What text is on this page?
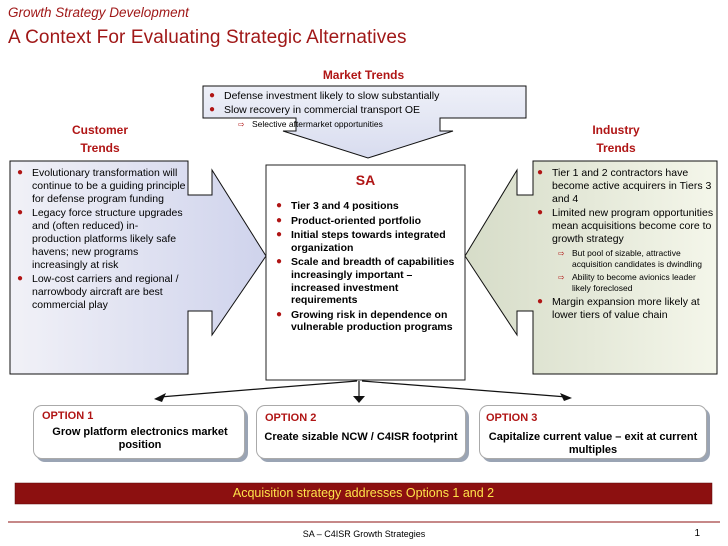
Growth Strategy Development
A Context For Evaluating Strategic Alternatives
Market Trends
● Defense investment likely to slow substantially
● Slow recovery in commercial transport OE
⇨ Selective aftermarket opportunities
Customer
Trends
● Evolutionary transformation will continue to be a guiding principle for defense program funding
● Legacy force structure upgrades and (often reduced) in-production platforms likely safe havens; new programs increasingly at risk
● Low-cost carriers and regional / narrowbody aircraft are best commercial play
Industry
Trends
● Tier 1 and 2 contractors have become active acquirers in Tiers 3 and 4
● Limited new program opportunities mean acquisitions become core to growth strategy
⇨ But pool of sizable, attractive acquisition candidates is dwindling
⇨ Ability to become avionics leader likely foreclosed
● Margin expansion more likely at lower tiers of value chain
SA
● Tier 3 and 4 positions
● Product-oriented portfolio
● Initial steps towards integrated organization
● Scale and breadth of capabilities increasingly important – increased investment requirements
● Growing risk in dependence on vulnerable production programs
OPTION 1
Grow platform electronics market position
OPTION 2
Create sizable NCW / C4ISR footprint
OPTION 3
Capitalize current value – exit at current multiples
Acquisition strategy addresses Options 1 and 2
SA – C4ISR Growth Strategies	1
